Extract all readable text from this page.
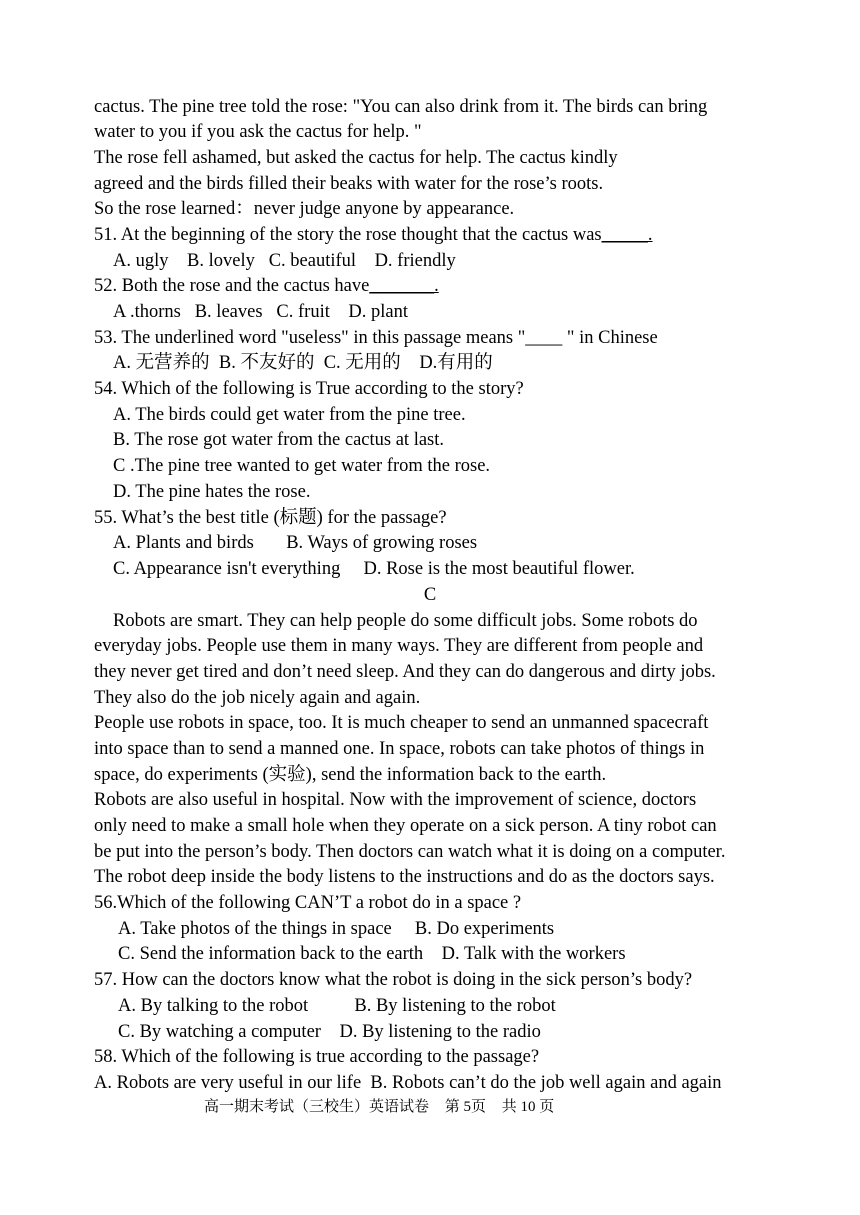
cactus. The pine tree told the rose: "You can also drink from it. The birds can bring
water to you if you ask the cactus for help. "
The rose fell ashamed, but asked the cactus for help. The cactus kindly
agreed and the birds filled their beaks with water for the rose’s roots.
So the rose learned：never judge anyone by appearance.
51. At the beginning of the story the rose thought that the cactus was_____.
A. ugly B. lovely C. beautiful D. friendly
52. Both the rose and the cactus have_______.
A .thorns B. leaves C. fruit D. plant
53. The underlined word "useless" in this passage means "____ " in Chinese
A. 无营养的 B. 不友好的 C. 无用的 D.有用的
54. Which of the following is True according to the story?
A. The birds could get water from the pine tree.
B. The rose got water from the cactus at last.
C .The pine tree wanted to get water from the rose.
D. The pine hates the rose.
55. What’s the best title (标题) for the passage?
A. Plants and birds B. Ways of growing roses
C. Appearance isn't everything D. Rose is the most beautiful flower.
C
Robots are smart. They can help people do some difficult jobs. Some robots do
everyday jobs. People use them in many ways. They are different from people and
they never get tired and don’t need sleep. And they can do dangerous and dirty jobs.
They also do the job nicely again and again.
People use robots in space, too. It is much cheaper to send an unmanned spacecraft
into space than to send a manned one. In space, robots can take photos of things in
space, do experiments (实验), send the information back to the earth.
Robots are also useful in hospital. Now with the improvement of science, doctors
only need to make a small hole when they operate on a sick person. A tiny robot can
be put into the person’s body. Then doctors can watch what it is doing on a computer.
The robot deep inside the body listens to the instructions and do as the doctors says.
56.Which of the following CAN’T a robot do in a space ?
A. Take photos of the things in space B. Do experiments
C. Send the information back to the earth D. Talk with the workers
57. How can the doctors know what the robot is doing in the sick person’s body?
A. By talking to the robot	B. By listening to the robot
C. By watching a computer D. By listening to the radio
58. Which of the following is true according to the passage?
A. Robots are very useful in our life B. Robots can’t do the job well again and again
高一期末考试（三校生）英语试卷 第 5页 共 10 页
